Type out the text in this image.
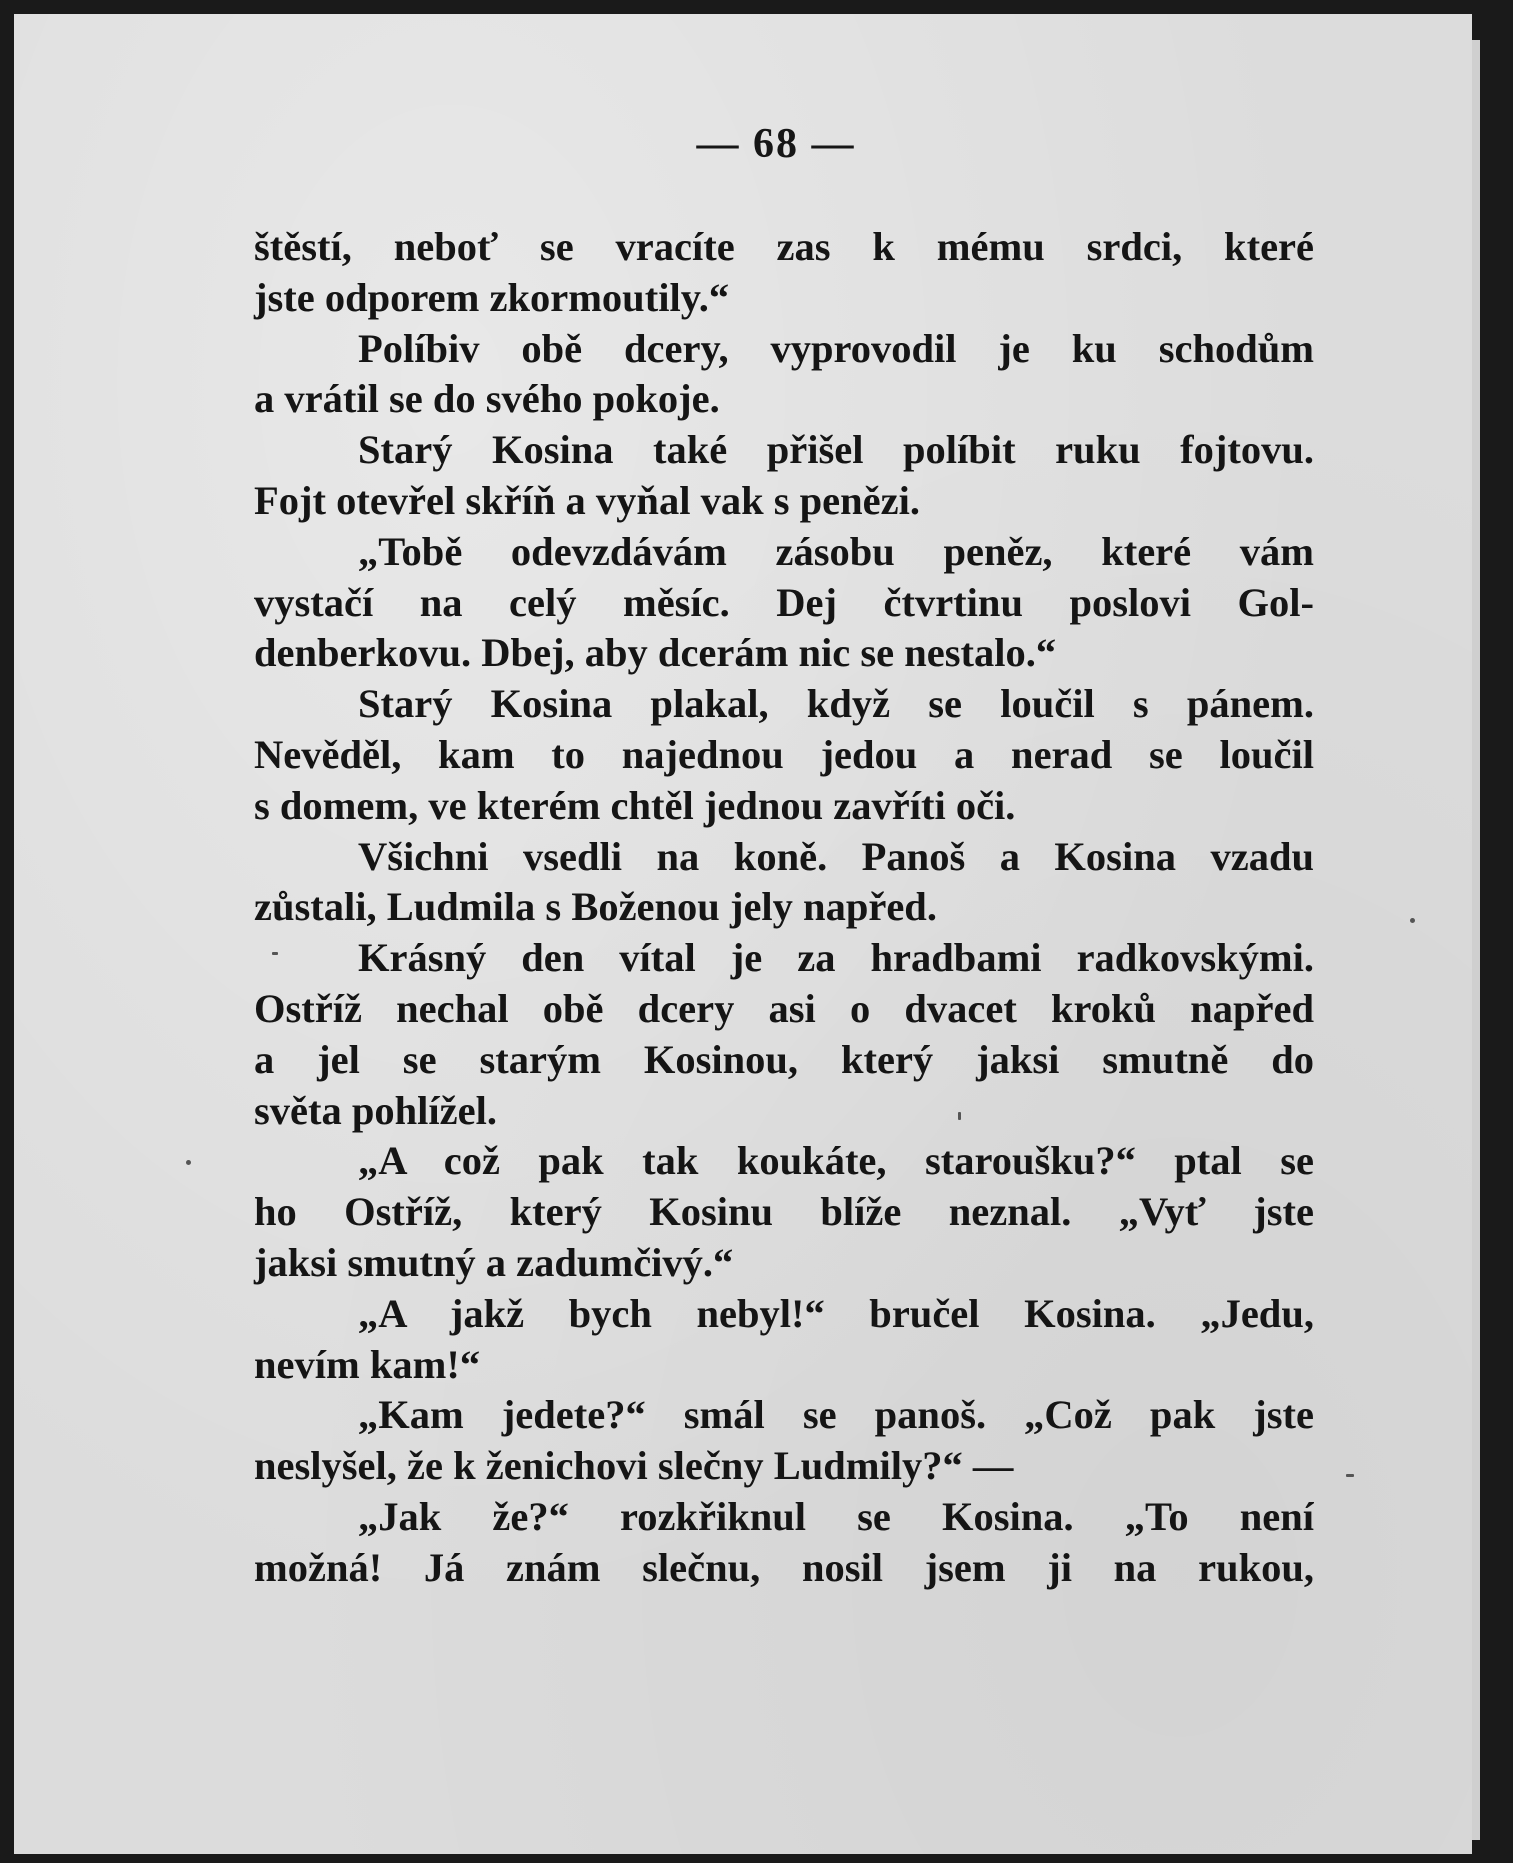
— 68 —
štěstí, neboť se vracíte zas k mému srdci, které
jste odporem zkormoutily.“
Políbiv obě dcery, vyprovodil je ku schodům
a vrátil se do svého pokoje.
Starý Kosina také přišel políbit ruku fojtovu.
Fojt otevřel skříň a vyňal vak s penězi.
„Tobě odevzdávám zásobu peněz, které vám
vystačí na celý měsíc. Dej čtvrtinu poslovi Gol-
denberkovu. Dbej, aby dcerám nic se nestalo.“
Starý Kosina plakal, když se loučil s pánem.
Nevěděl, kam to najednou jedou a nerad se loučil
s domem, ve kterém chtěl jednou zavříti oči.
Všichni vsedli na koně. Panoš a Kosina vzadu
zůstali, Ludmila s Boženou jely napřed.
Krásný den vítal je za hradbami radkovskými.
Ostříž nechal obě dcery asi o dvacet kroků napřed
a jel se starým Kosinou, který jaksi smutně do
světa pohlížel.
„A což pak tak koukáte, staroušku?“ ptal se
ho Ostříž, který Kosinu blíže neznal. „Vyť jste
jaksi smutný a zadumčivý.“
„A jakž bych nebyl!“ bručel Kosina. „Jedu,
nevím kam!“
„Kam jedete?“ smál se panoš. „Což pak jste
neslyšel, že k ženichovi slečny Ludmily?“ —
„Jak že?“ rozkřiknul se Kosina. „To není
možná! Já znám slečnu, nosil jsem ji na rukou,
